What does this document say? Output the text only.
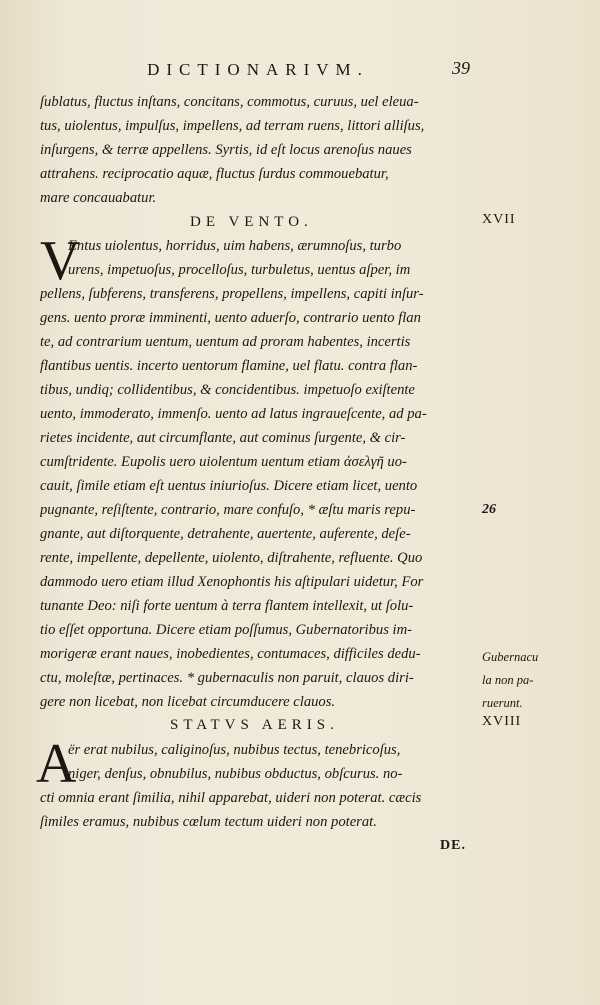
DICTIONARIVM.	39
ſublatus, fluctus inſtans, concitans, commotus, curuus, uel eleua-
tus, uiolentus, impulſus, impellens, ad terram ruens, littori alliſus,
inſurgens, & terræ appellens. Syrtis, id eſt locus arenoſus naues
attrahens. reciprocatio aquæ, fluctus ſurdus commouebatur,
mare concauabatur.
DE VENTO.	XVII
V
Entus uiolentus, horridus, uim habens, ærumnoſus, turbo
urens, impetuoſus, procelloſus, turbuletus, uentus aſper, im
pellens, ſubferens, transferens, propellens, impellens, capiti inſur-
gens. uento proræ imminenti, uento aduerſo, contrario uento flan
te, ad contrarium uentum, uentum ad proram habentes, incertis
flantibus uentis. incerto uentorum flamine, uel flatu. contra flan-
tibus, undiq; collidentibus, & concidentibus. impetuoſo exiſtente
uento, immoderato, immenſo. uento ad latus ingraueſcente, ad pa-
rietes incidente, aut circumflante, aut cominus ſurgente, & cir-
cumſtridente. Eupolis uero uiolentum uentum etiam ἀσελγῆ uo-
cauit, ſimile etiam eſt uentus iniurioſus. Dicere etiam licet, uento
pugnante, reſiſtente, contrario, mare confuſo, * æſtu maris repu-
gnante, aut diſtorquente, detrahente, auertente, auferente, deſe-
rente, impellente, depellente, uiolento, diſtrahente, refluente. Quo
dammodo uero etiam illud Xenophontis his aſtipulari uidetur, For
tunante Deo: niſi forte uentum à terra flantem intellexit, ut ſolu-
tio eſſet opportuna. Dicere etiam poſſumus, Gubernatoribus im-
morigeræ erant naues, inobedientes, contumaces, difficiles dedu-
ctu, moleſtæ, pertinaces. * gubernaculis non paruit, clauos diri-
gere non licebat, non licebat circumducere clauos.
26
Gubernacu
la non pa-
ruerunt.
STATVS AERIS.	XVIII
A
ër erat nubilus, caliginoſus, nubibus tectus, tenebricoſus,
niger, denſus, obnubilus, nubibus obductus, obſcurus. no-
cti omnia erant ſimilia, nihil apparebat, uideri non poterat. cæcis
ſimiles eramus, nubibus cœlum tectum uideri non poterat.
DE.
